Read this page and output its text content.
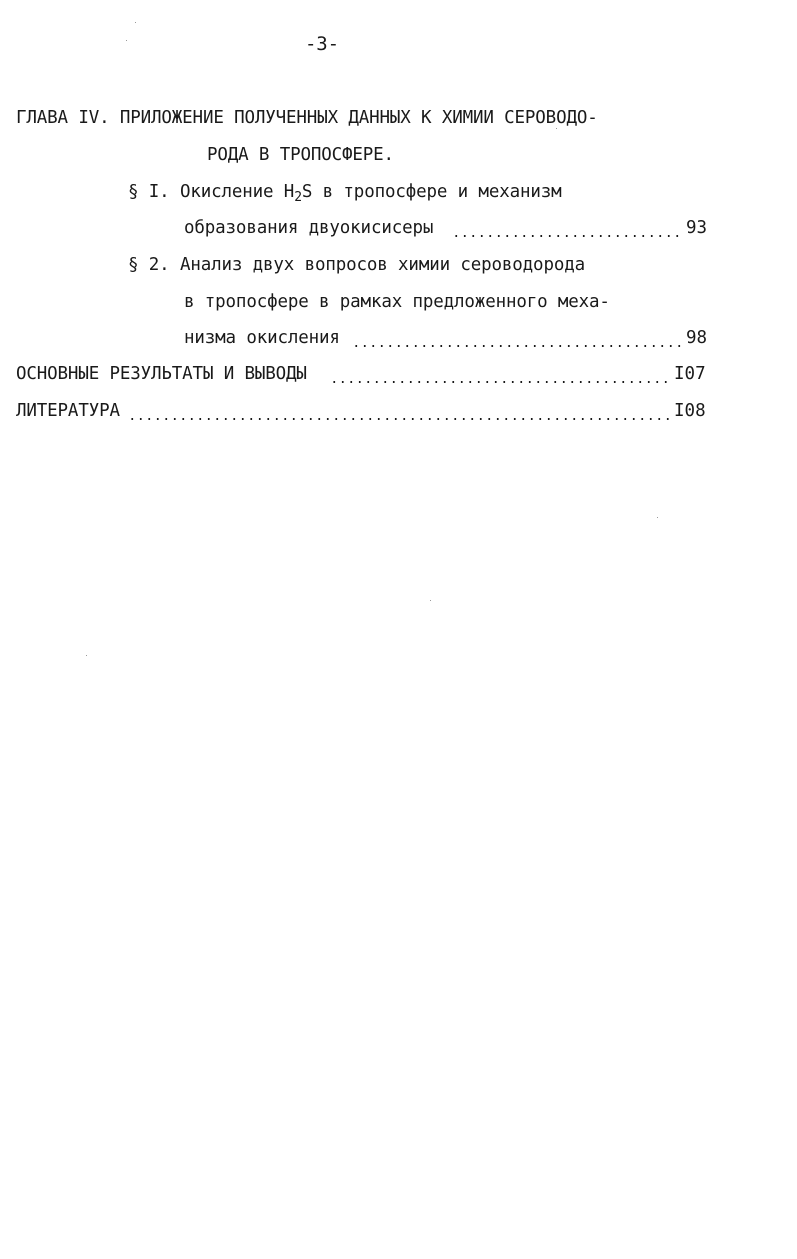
-3-
ГЛАВА IV. ПРИЛОЖЕНИЕ ПОЛУЧЕННЫХ ДАННЫХ К ХИМИИ СЕРОВОДО-
РОДА В ТРОПОСФЕРЕ.
§ I. Окисление $H_2S$ в тропосфере и механизм
образования двуокисисеры	93
§ 2. Анализ двух вопросов химии сероводорода
в тропосфере в рамках предложенного меха-
низма окисления	98
ОСНОВНЫЕ РЕЗУЛЬТАТЫ И ВЫВОДЫ	I07
ЛИТЕРАТУРА	I08
